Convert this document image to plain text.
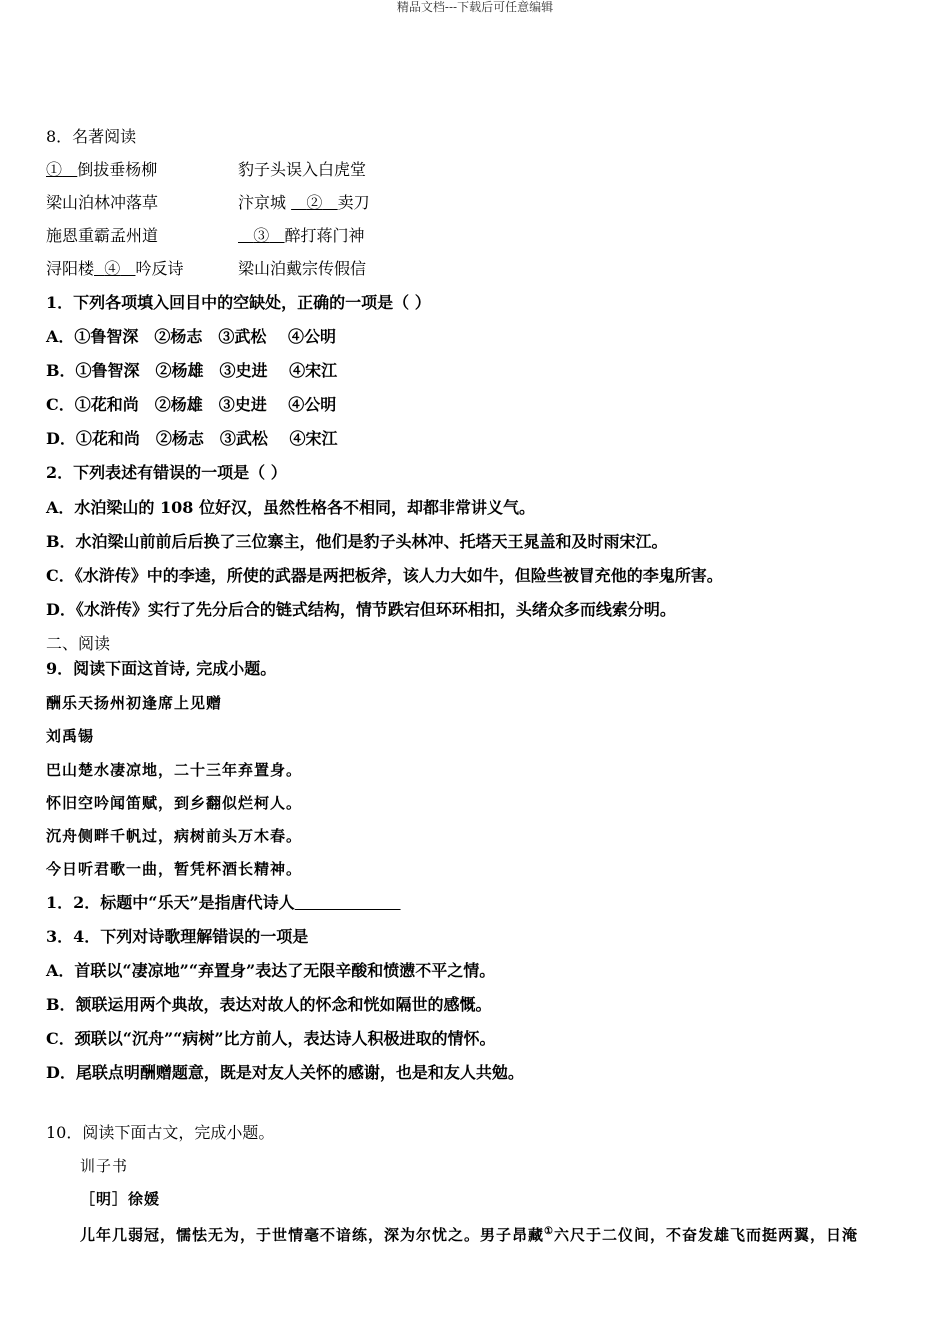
精品文档---下载后可任意编辑
8．名著阅读
① 倒拔垂杨柳	豹子头误入白虎堂
梁山泊林冲落草	汴京城 ② 卖刀
施恩重霸孟州道	③ 醉打蒋门神
浔阳楼 ④ 吟反诗	梁山泊戴宗传假信
1．下列各项填入回目中的空缺处，正确的一项是（ ）
A．①鲁智深　②杨志　③武松　 ④公明
B．①鲁智深　②杨雄　③史进　 ④宋江
C．①花和尚　②杨雄　③史进　 ④公明
D．①花和尚　②杨志　③武松　 ④宋江
2．下列表述有错误的一项是（ ）
A．水泊梁山的 108 位好汉，虽然性格各不相同，却都非常讲义气。
B．水泊梁山前前后后换了三位寨主，他们是豹子头林冲、托塔天王晁盖和及时雨宋江。
C．《水浒传》中的李逵，所使的武器是两把板斧，该人力大如牛，但险些被冒充他的李鬼所害。
D．《水浒传》实行了先分后合的链式结构，情节跌宕但环环相扣，头绪众多而线索分明。
二、阅读
9．阅读下面这首诗, 完成小题。
酬乐天扬州初逢席上见赠
刘禹锡
巴山楚水凄凉地，二十三年弃置身。
怀旧空吟闻笛赋，到乡翻似烂柯人。
沉舟侧畔千帆过，病树前头万木春。
今日听君歌一曲，暂凭杯酒长精神。
1．2．标题中“乐天”是指唐代诗人
3．4．下列对诗歌理解错误的一项是
A．首联以“凄凉地”“弃置身”表达了无限辛酸和愤懑不平之情。
B．颔联运用两个典故，表达对故人的怀念和恍如隔世的感慨。
C．颈联以“沉舟”“病树”比方前人，表达诗人积极进取的情怀。
D．尾联点明酬赠题意，既是对友人关怀的感谢，也是和友人共勉。
10．阅读下面古文，完成小题。
训子书
［明］徐媛
儿年几弱冠，懦怯无为，于世情毫不谙练，深为尔忧之。男子昂藏①六尺于二仪间，不奋发雄飞而挺两翼，日淹
